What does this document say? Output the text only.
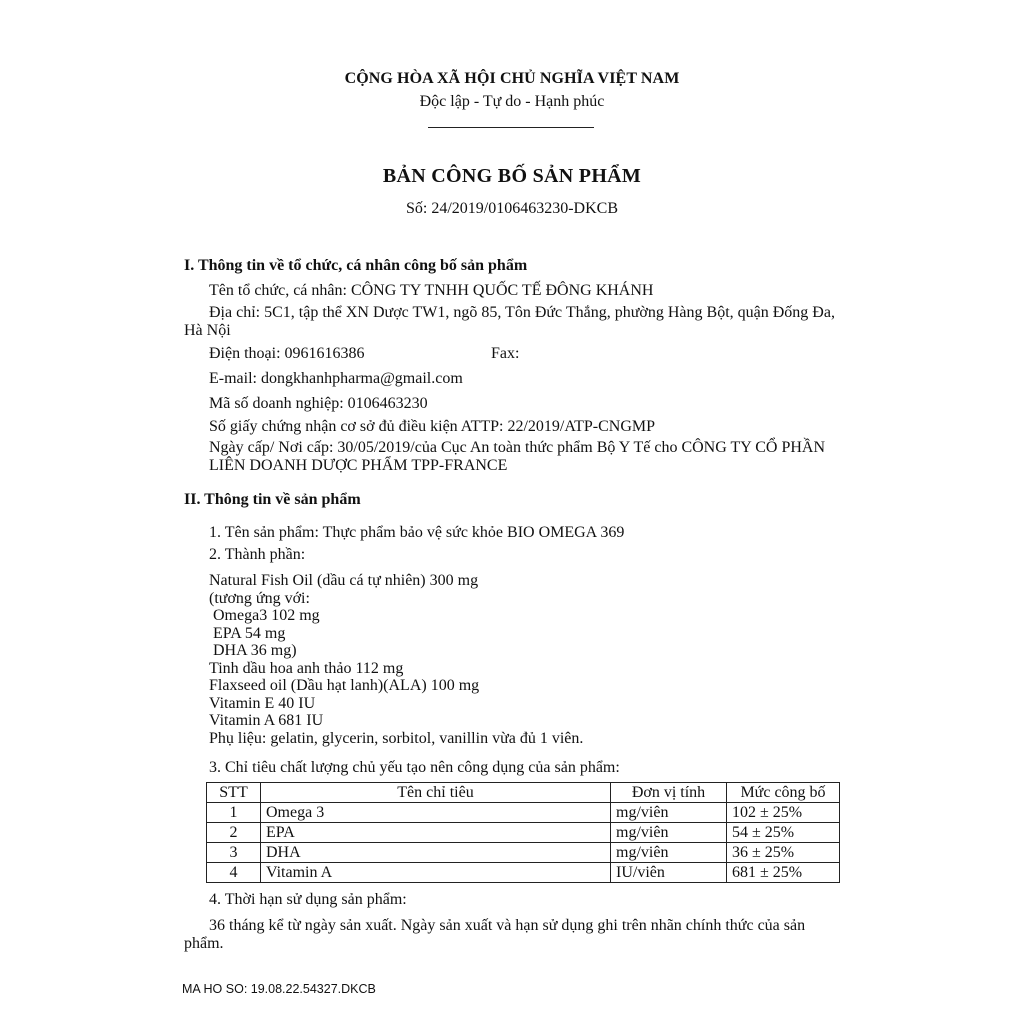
CỘNG HÒA XÃ HỘI CHỦ NGHĨA VIỆT NAM
Độc lập - Tự do - Hạnh phúc
BẢN CÔNG BỐ SẢN PHẨM
Số: 24/2019/0106463230-DKCB
I. Thông tin về tổ chức, cá nhân công bố sản phẩm
Tên tổ chức, cá nhân: CÔNG TY TNHH QUỐC TẾ ĐÔNG KHÁNH
Địa chỉ: 5C1, tập thể XN Dược TW1, ngõ 85, Tôn Đức Thắng, phường Hàng Bột, quận Đống Đa, Hà Nội
Điện thoại: 0961616386	Fax:
E-mail: dongkhanhpharma@gmail.com
Mã số doanh nghiệp: 0106463230
Số giấy chứng nhận cơ sở đủ điều kiện ATTP: 22/2019/ATP-CNGMP
Ngày cấp/ Nơi cấp: 30/05/2019/của Cục An toàn thức phẩm Bộ Y Tế cho CÔNG TY CỔ PHẦN LIÊN DOANH DƯỢC PHẨM TPP-FRANCE
II. Thông tin về sản phẩm
1. Tên sản phẩm: Thực phẩm bảo vệ sức khỏe BIO OMEGA 369
2. Thành phần:
Natural Fish Oil (dầu cá tự nhiên) 300 mg
(tương ứng với:
Omega3 102 mg
EPA 54 mg
DHA 36 mg)
Tinh dầu hoa anh thảo 112 mg
Flaxseed oil (Dầu hạt lanh)(ALA) 100 mg
Vitamin E 40 IU
Vitamin A 681 IU
Phụ liệu: gelatin, glycerin, sorbitol, vanillin vừa đủ 1 viên.
3. Chỉ tiêu chất lượng chủ yếu tạo nên công dụng của sản phẩm:
STT	Tên chỉ tiêu	Đơn vị tính	Mức công bố
1	Omega 3	mg/viên	102 ± 25%
2	EPA	mg/viên	54 ± 25%
3	DHA	mg/viên	36 ± 25%
4	Vitamin A	IU/viên	681 ± 25%
4. Thời hạn sử dụng sản phẩm:
36 tháng kể từ ngày sản xuất. Ngày sản xuất và hạn sử dụng ghi trên nhãn chính thức của sản phẩm.
MA HO SO: 19.08.22.54327.DKCB
